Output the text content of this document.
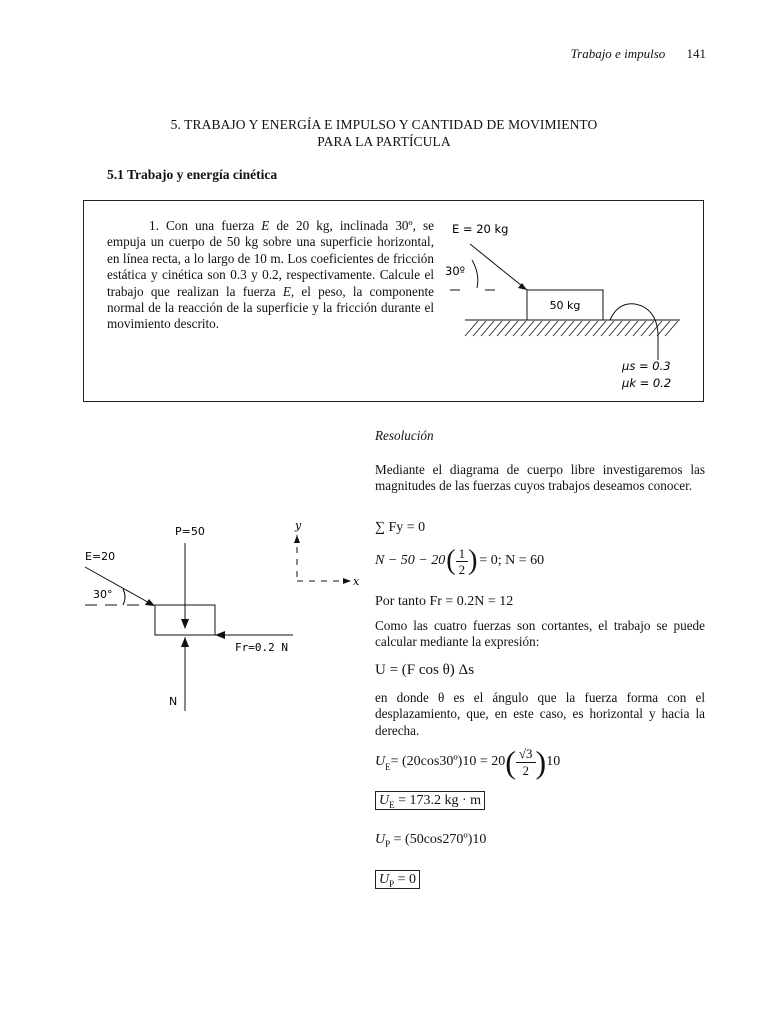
Trabajo e impulso 141
5. TRABAJO Y ENERGÍA E IMPULSO Y CANTIDAD DE MOVIMIENTO
PARA LA PARTÍCULA
5.1 Trabajo y energía cinética

1. Con una fuerza E de 20 kg, inclinada 30º, se empuja un cuerpo de 50 kg sobre una superficie horizontal, en línea recta, a lo largo de 10 m. Los coeficientes de fricción estática y cinética son 0.3 y 0.2, respectivamente. Calcule el trabajo que realizan la fuerza E, el peso, la componente normal de la reacción de la superficie y la fricción durante el movimiento descrito.

E = 20 kg
30º
50 kg
μs = 0.3
μk = 0.2
P=50
E=20
30°
Fr=0.2 N
N
y
x
Resolución
Mediante el diagrama de cuerpo libre investigaremos las magnitudes de las fuerzas cuyos trabajos deseamos conocer.
∑ Fy = 0
N − 50 − 20 ( 1
2 ) = 0; N = 60
Por tanto Fr = 0.2N = 12
Como las cuatro fuerzas son cortantes, el trabajo se puede calcular mediante la expresión:
U = (F cos θ) Δs
en donde θ es el ángulo que la fuerza forma con el desplazamiento, que, en este caso, es horizontal y hacia la derecha.
$U_E$ = (20cos30º)10 = 20 ( √3
2 ) 10
$U_E = 173.2$ kg · m
$U_P$ = (50cos270º)10
$U_P = 0$
